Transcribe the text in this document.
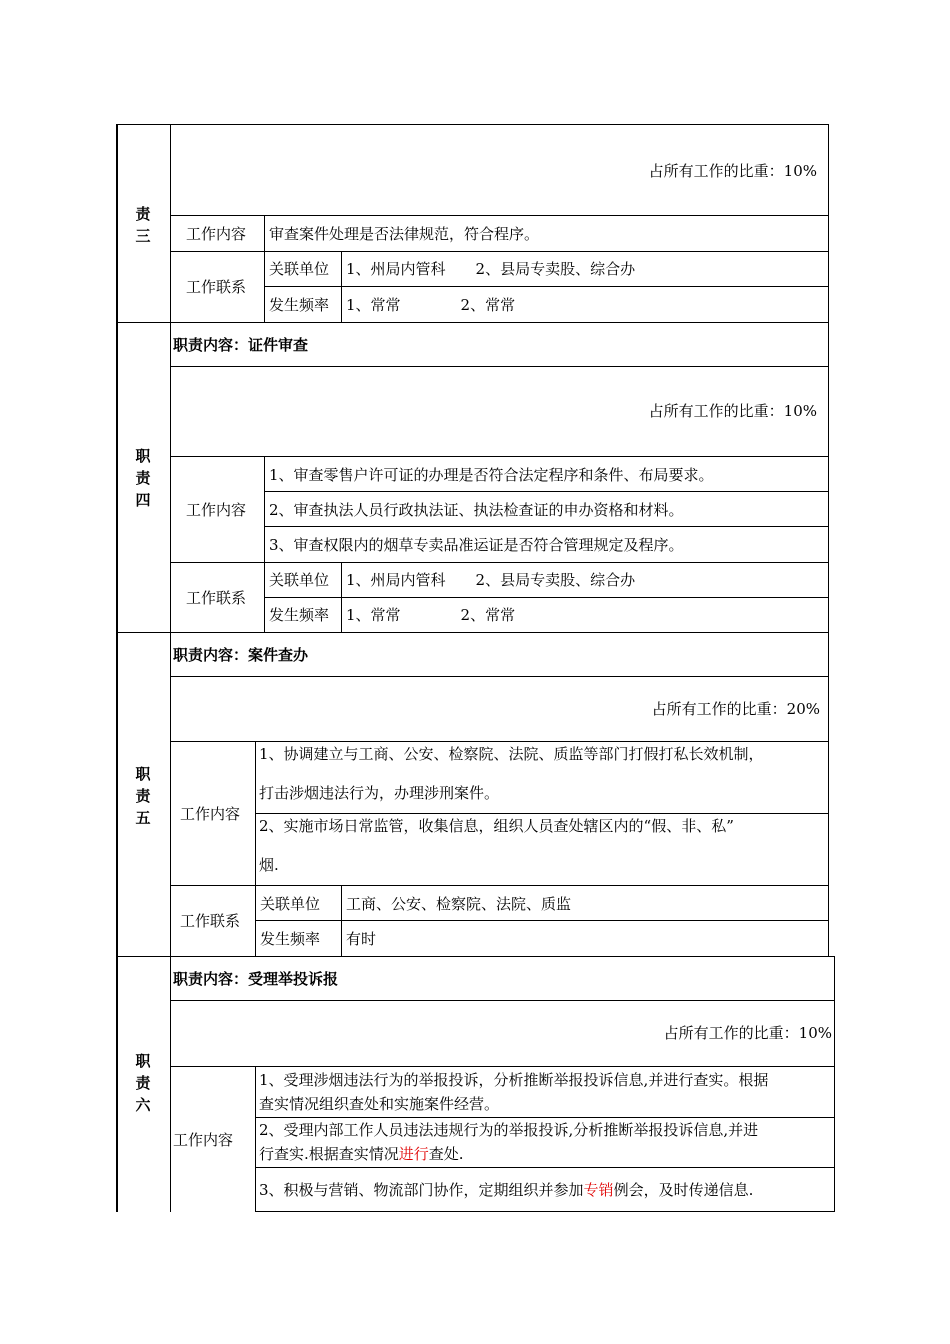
责
三
占所有工作的比重：10%
工作内容 审查案件处理是否法律规范，符合程序。
工作联系
关联单位 1、州局内管科　　2、县局专卖股、综合办
发生频率 1、常常　　　　2、常常
职
责
四
职责内容：证件审查
占所有工作的比重：10%
工作内容
1、审查零售户许可证的办理是否符合法定程序和条件、布局要求。
2、审查执法人员行政执法证、执法检查证的申办资格和材料。
3、审查权限内的烟草专卖品准运证是否符合管理规定及程序。
工作联系
关联单位 1、州局内管科　　2、县局专卖股、综合办
发生频率 1、常常　　　　2、常常
职
责
五
职责内容：案件查办
占所有工作的比重：20%
工作内容
1、协调建立与工商、公安、检察院、法院、质监等部门打假打私长效机制，
打击涉烟违法行为，办理涉刑案件。
2、实施市场日常监管，收集信息，组织人员查处辖区内的“假、非、私”
烟.
工作联系
关联单位 工商、公安、检察院、法院、质监
发生频率 有时
职
责
六
职责内容：受理举投诉报
占所有工作的比重：10%
工作内容
1、受理涉烟违法行为的举报投诉，分析推断举报投诉信息,并进行查实。根据
查实情况组织查处和实施案件经营。
2、受理内部工作人员违法违规行为的举报投诉,分析推断举报投诉信息,并进
行查实.根据查实情况进行查处.
3、积极与营销、物流部门协作，定期组织并参加专销例会，及时传递信息.
